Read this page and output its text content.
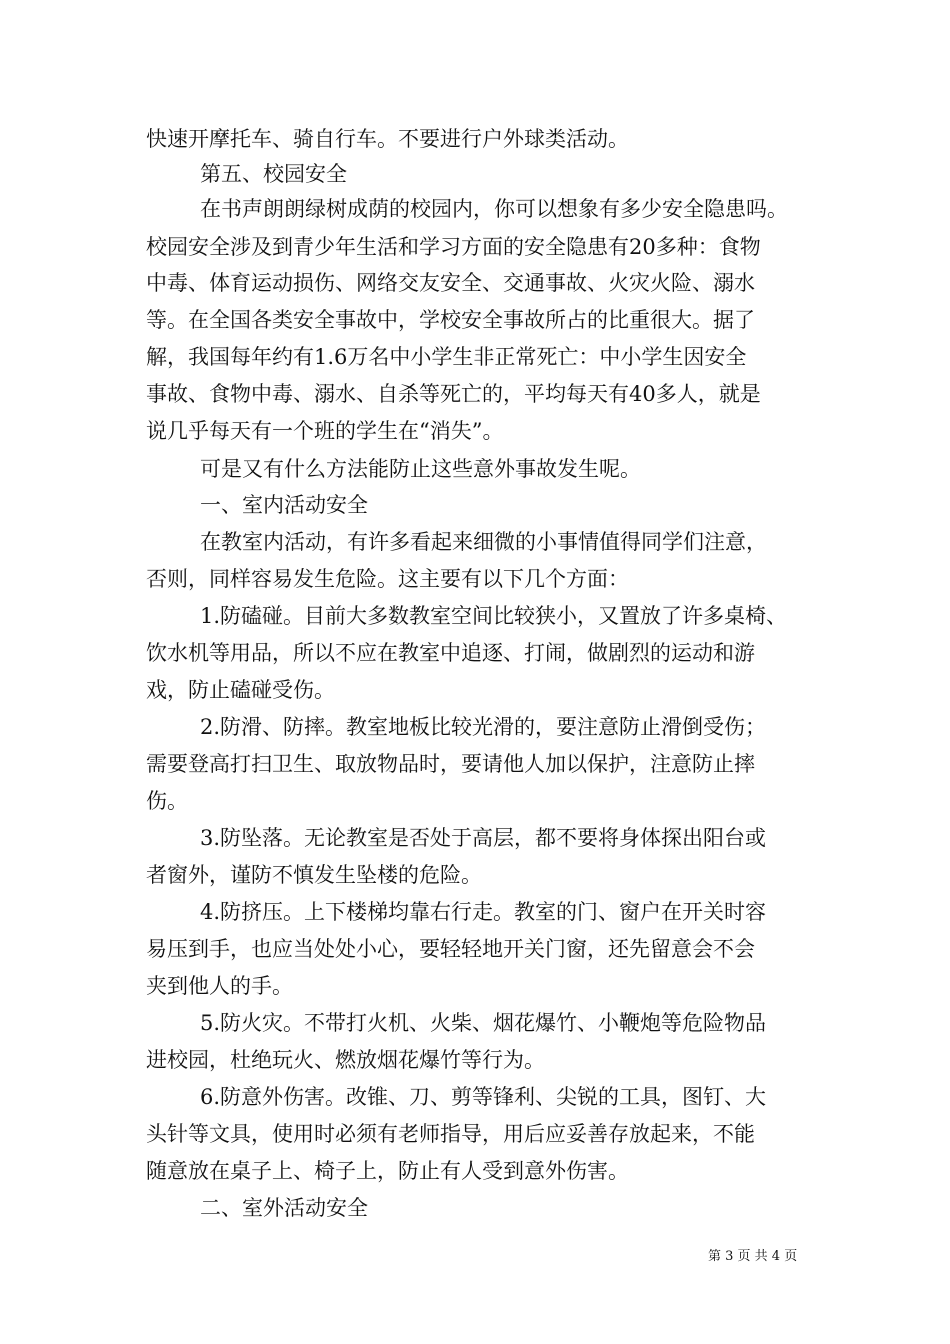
快速开摩托车、骑自行车。不要进行户外球类活动。
第五、校园安全
在书声朗朗绿树成荫的校园内，你可以想象有多少安全隐患吗。
校园安全涉及到青少年生活和学习方面的安全隐患有20多种：食物
中毒、体育运动损伤、网络交友安全、交通事故、火灾火险、溺水
等。在全国各类安全事故中，学校安全事故所占的比重很大。据了
解，我国每年约有1.6万名中小学生非正常死亡：中小学生因安全
事故、食物中毒、溺水、自杀等死亡的，平均每天有40多人，就是
说几乎每天有一个班的学生在“消失”。
可是又有什么方法能防止这些意外事故发生呢。
一、室内活动安全
在教室内活动，有许多看起来细微的小事情值得同学们注意，
否则，同样容易发生危险。这主要有以下几个方面：
1.防磕碰。目前大多数教室空间比较狭小，又置放了许多桌椅、
饮水机等用品，所以不应在教室中追逐、打闹，做剧烈的运动和游
戏，防止磕碰受伤。
2.防滑、防摔。教室地板比较光滑的，要注意防止滑倒受伤；
需要登高打扫卫生、取放物品时，要请他人加以保护，注意防止摔
伤。
3.防坠落。无论教室是否处于高层，都不要将身体探出阳台或
者窗外，谨防不慎发生坠楼的危险。
4.防挤压。上下楼梯均靠右行走。教室的门、窗户在开关时容
易压到手，也应当处处小心，要轻轻地开关门窗，还先留意会不会
夹到他人的手。
5.防火灾。不带打火机、火柴、烟花爆竹、小鞭炮等危险物品
进校园，杜绝玩火、燃放烟花爆竹等行为。
6.防意外伤害。改锥、刀、剪等锋利、尖锐的工具，图钉、大
头针等文具，使用时必须有老师指导，用后应妥善存放起来，不能
随意放在桌子上、椅子上，防止有人受到意外伤害。
二、室外活动安全
第 3 页 共 4 页
